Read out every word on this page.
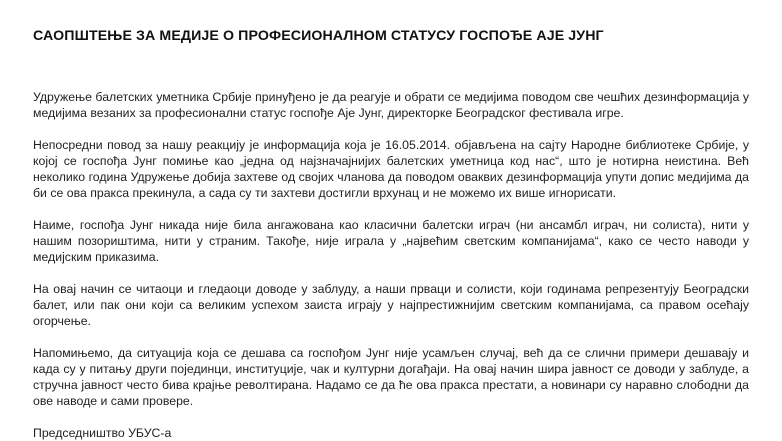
САОПШТЕЊЕ ЗА МЕДИЈЕ О ПРОФЕСИОНАЛНОМ СТАТУСУ ГОСПОЂЕ АЈЕ ЈУНГ

Удружење балетских уметника Србије принуђено је да реагује и обрати се медијима поводом све чешћих дезинформација у медијима везаних за професионални статус госпође Аје Јунг, директорке Београдског фестивала игре.

Непосредни повод за нашу реакцију је информација која је 16.05.2014. објављена на сајту Народне библиотеке Србије, у којој се госпођа Јунг помиње као „једна од најзначајнијих балетских уметница код нас“, што је нотирна неистина. Већ неколико година Удружење добија захтеве од својих чланова да поводом оваквих дезинформација упути допис медијима да би се ова пракса прекинула, а сада су ти захтеви достигли врхунац и не можемо их више игнорисати.

Наиме, госпођа Јунг никада није била ангажована као класични балетски играч (ни ансамбл играч, ни солиста), нити у нашим позориштима, нити у страним. Такође, није играла у „највећим светским компанијама“, како се често наводи у медијским приказима.

На овај начин се читаоци и гледаоци доводе у заблуду, а наши прваци и солисти, који годинама репрезентују Београдски балет, или пак они који са великим успехом заиста играју у најпрестижнијим светским компанијама, са правом осећају огорчење.

Напомињемо, да ситуација која се дешава са госпођом Јунг није усамљен случај, већ да се слични примери дешавају и када су у питању други појединци, институције, чак и културни догађаји. На овај начин шира јавност се доводи у заблуде, а стручна јавност често бива крајње револтирана. Надамо се да ће ова пракса престати, а новинари су наравно слободни да ове наводе и сами провере.

Председништво УБУС-а
